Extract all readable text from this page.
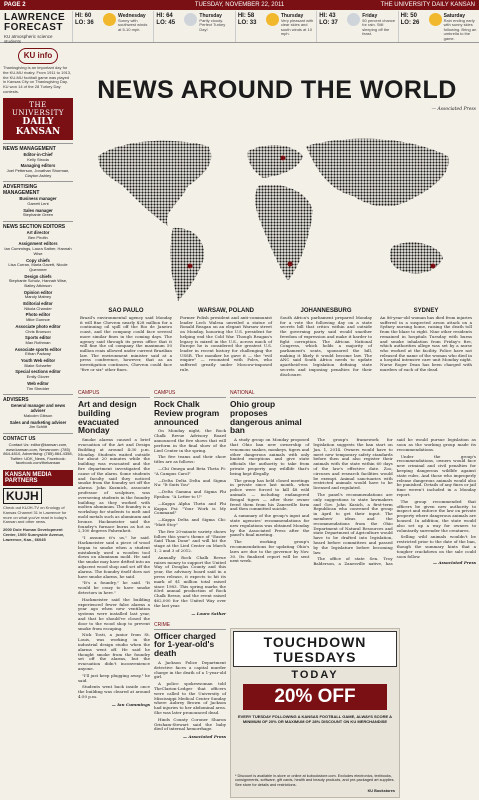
PAGE 2	TUESDAY, NOVEMBER 22, 2011	THE UNIVERSITY DAILY KANSAN
LAWRENCE FORECAST
KU atmospheric science students
HI: 60
LO: 36
Wednesday
Sunny with southwest winds at 5-10 mph.
HI: 64
LO: 45
Thursday
Partly cloudy. Perfect Turkey Day!
HI: 58
LO: 33
Thursday
Very pleasant with clear skies and south winds at 10 mph.
HI: 43
LO: 37
Friday
50 percent chance for rain. Still sleeping off the feast.
HI: 50
LO: 26
Saturday
Rain ending early with sunny skies following. Bring an umbrella to the game.
KU info
Thanksgiving is an important day for the KU-MU rivalry. From 1911 to 1913, the KU-MU football game was played in Kansas City on Thanksgiving Day. KU won 14 of the 28 Turkey Day contests.
THE UNIVERSITY
DAILY KANSAN
NEWS MANAGEMENT
Editor-in-Chief
Kelly Stroda
Managing editors
Joel Petterson, Jonathan Shorman, Clayton Ashley
ADVERTISING MANAGEMENT
Business manager
Garrett Lent
Sales manager
Stephanie Green
NEWS SECTION EDITORS
Art director
Ben Pirofin
Assignment editors
Ian Cummings, Laura Sather, Hannah Wise
Copy chiefs
Lisa Curran, Marla Gavett, Nicole Quenneer
Design chiefs
Stephanie Schulz, Hannah Wise, Bailey Atkinson
Opinion editor
Mandy Matney
Editorial editor
Nikola Chander
Photo editor
Mike Gunnoe
Associate photo editor
Chris Bronson
Sports editor
Max Rothman
Associate sports editor
Ethan Padway
Youth Web editor
Blake Schaefer
Special sections editor
Emily Glover
Web editor
Tim Shedder
ADVISERS
General manager and news adviser
Malcolm Gibson
Sales and marketing adviser
Jim Schlitt
CONTACT US
Contact Us: editor@kansan.com, www.kansan.com, Newsroom: (785) 864-4810, Advertising: (785) 864-4358, Twitter: UDK_News, Facebook: facebook.com/thekansan
KANSAN MEDIA PARTNERS
KUJH
Check out KUJH-TV on Knology of Kansas Channel 31 in Lawrence for more on what you've read in today's Kansan and other news.
2000 Dole Human Development Center, 1000 Sunnyside Avenue, Lawrence, Kan., 66045
NEWS AROUND THE WORLD
— Associated Press
SAO PAULO
Brazil's environmental agency said Monday it will fine Chevron nearly $28 million for a continuing oil spill off the Rio de Janeiro coast, and the company could face several more similar fines in the coming days. The agency said through its press office that it will fine the oil company the maximum 50 million reais allowed under current Brazilian law. The environment minister said at a press conference, however, that as an investigation continues, Chevron could face "five or six" other fines.
WARSAW, POLAND
Former Polish president and anti-communist leader Lech Walesa unveiled a statue of Ronald Reagan on an elegant Warsaw street on Monday, honoring the U.S. president for helping end the Cold War. Though Reagan's legacy is mixed in the U.S., across much of Europe he is considered the greatest U.S. leader in recent history for challenging the USSR. The moniker he gave it — the "evil empire" — resonated with Poles, who suffered greatly under Moscow-imposed rule.
JOHANNESBURG
South Africa's parliament prepared Monday for a vote the following day on a state secrets bill that critics within and outside the governing party said would smother freedom of expression and make it harder to fight corruption. The African National Congress, which holds a majority of parliament's seats, sponsored the bill, making it likely it would become law. The ANC said South Africa needs to update apartheid-era legislation defining state secrets and imposing penalties for their disclosure.
SYDNEY
An 86-year-old woman has died from injuries suffered in a suspected arson attack on a Sydney nursing home, raising the death toll from the blaze to eight. Nine other residents remained in hospitals Tuesday with burns and smoke inhalation from Friday's fire, which authorities allege was set by a nurse who worked at the facility. Police have not released the name of the woman who died in a hospital intensive care unit Monday night. Nurse Roger Dean has been charged with murders of each of the dead.
CAMPUS
Art and design building evacuated Monday

Smoke alarms caused a brief evacuation of the Art and Design Building at around 4:30 p.m. Monday. Students waited outside for about 20 minutes while the building was evacuated and the fire department investigated the cause of the alarm. Some students and faculty said they noticed smoke from the foundry set off the alarms. John Kuzmich, associate professor of sculpture, was overseeing students in the foundry building as they worked with molten aluminum. The foundry is a workshop for students to melt and mold metals such as aluminum and bronze. Hackmeister said the foundry's furnace burns as hot as 2,100 degrees Fahrenheit.

"I assume it's us," he said. Hackmeister said a piece of wood began to smoke when a student mistakenly used a wooden tool down on aluminum mold. He said the smoke may have drifted into an adjacent wood shop and set off the alarms. The foundry itself does not have smoke alarms, he said.

"It's a foundry," he said. "It would be crazy to have smoke detectors in here."

Hackmeister said the building experienced fewer false alarms a year ago when new ventilation systems were installed last year, and that he should've closed the door to the wood shop to prevent smoke from escaping.

Nick Tosti, a junior from St. Louis, was working in the industrial design studio when the alarms went off. He said he thought smoke from the foundry set off the alarms, but the evacuation didn't inconvenience anyone.

"I'll just keep plugging away," he said.

Students went back inside once the building was cleared at around 4:50 p.m.

— Ian Cummings
CAMPUS
Rock Chalk Review program announced

On Monday night, the Rock Chalk Revue Advisory Board announced the five shows that will perform in the final show of the Lied Center in the spring.

The five teams and their show titles are as follows:

—Chi Omega and Beta Theta Pi: "A Campus Carol"

—Delta Delta Delta and Sigma Nu: "It Suits You"

—Delta Gamma and Sigma Phi Epsilon: "A Letter to U"

—Kappa Alpha Theta and Phi Kappa Psi: "Your Work is My Command"

—Kappa Delta and Sigma Chi: "Matt Stoy"

The five 20-minute variety shows follow this year's theme of "Easier Said Than Done" and will hit the stage at the Lied Center on March 1, 2 and 3 of 2012.

Annually Rock Chalk Revue raises money to support the United Way of Douglas County and this year, the advisory board said in a press release, it expects to hit its mark of $1 million total raised since 1983. This spring marks the 63rd annual production of Rock Chalk Revue, and the event raised $62,000 for the United Way over the last year.

— Laura Sather
CRIME
Officer charged for 1-year-old's death

A Jackson Police Department detective faces a capital murder charge in the death of a 1-year-old girl.

A police spokeswoman told TheClarion-Ledger that officers were called to the University of Mississippi Medical Center Sunday where Aubrey Brown of Jackson had injuries to her abdominal area. She was later pronounced dead.

Hinds County Coroner Sharon Grisham-Stewart said the baby died of internal hemorrhage.

— Associated Press
NATIONAL
Ohio group proposes dangerous animal ban

A study group on Monday proposed that Ohio ban new ownership of venomous snakes, monkeys, tigers and other dangerous animals with only limited exceptions and give state officials the authority to take from private property any wildlife that's being kept illegally.

The group has held closed meetings in private since last month, when police were forced to kill 48 wild animals — including endangered Bengal tigers — after their owner freed them from his Zanesville farm and then committed suicide.

A summary of the group's input and state agencies' recommendations for new regulations was obtained Monday by the Associated Press after the panel's final meeting.

The working group's recommendations for updating Ohio's laws are due to the governor by Nov. 30. Its finalized report will be sent next week.

The group's framework for legislation suggests the ban start on Jan. 1, 2014. Owners would have to meet new temporary safety standards before then and also register their animals with the state within 60 days of the law's effective date. Zoo, circuses and research facilities would be exempt. Animal sanctuaries with restricted animals would have to be licensed and regulated.

The panel's recommendations are only suggestions to state lawmakers and Gov. John Kasich, a first-term Republican who convened the group in April to get their input. The members' ideas and the recommendations from the Ohio Department of Natural Resources and state Department of Agriculture would have to be drafted into legislation, heard before committees and passed by the legislature before becoming law.

The office of state Sen. Troy Balderson, a Zanesville native, has said he would pursue legislation as soon as the working group made its recommendations.

Under the group's recommendations, owners would face new criminal and civil penalties for keeping dangerous wildlife against state rules. And those who improperly release dangerous animals would also be punished. Details of any fines or jail time weren't included in a Monday report.

The group recommended that officers be given new authority to inspect and enforce the law on private property where dangerous animals are housed. In addition, the state would also set up a way for owners to voluntarily surrender the creatures.

Selling wild animals wouldn't be restricted prior to the date of the ban, though the summary hints that a tougher crackdown on the sale could soon follow.

— Associated Press
TOUCHDOWN
TUESDAYS
TODAY
20% OFF
EVERY TUESDAY FOLLOWING A KANSAS FOOTBALL GAME, ALWAYS SCORE A MINIMUM OF 20% OR MAXIMUM OF 28% DISCOUNT ON KU MERCHANDISE
* Discount is available in-store or online at kubookstore.com. Excludes electronics, textbooks, consignments, software, gift cards, health and beauty products, and pre-packaged art supplies. See store for details and restrictions.
KU Bookstores
